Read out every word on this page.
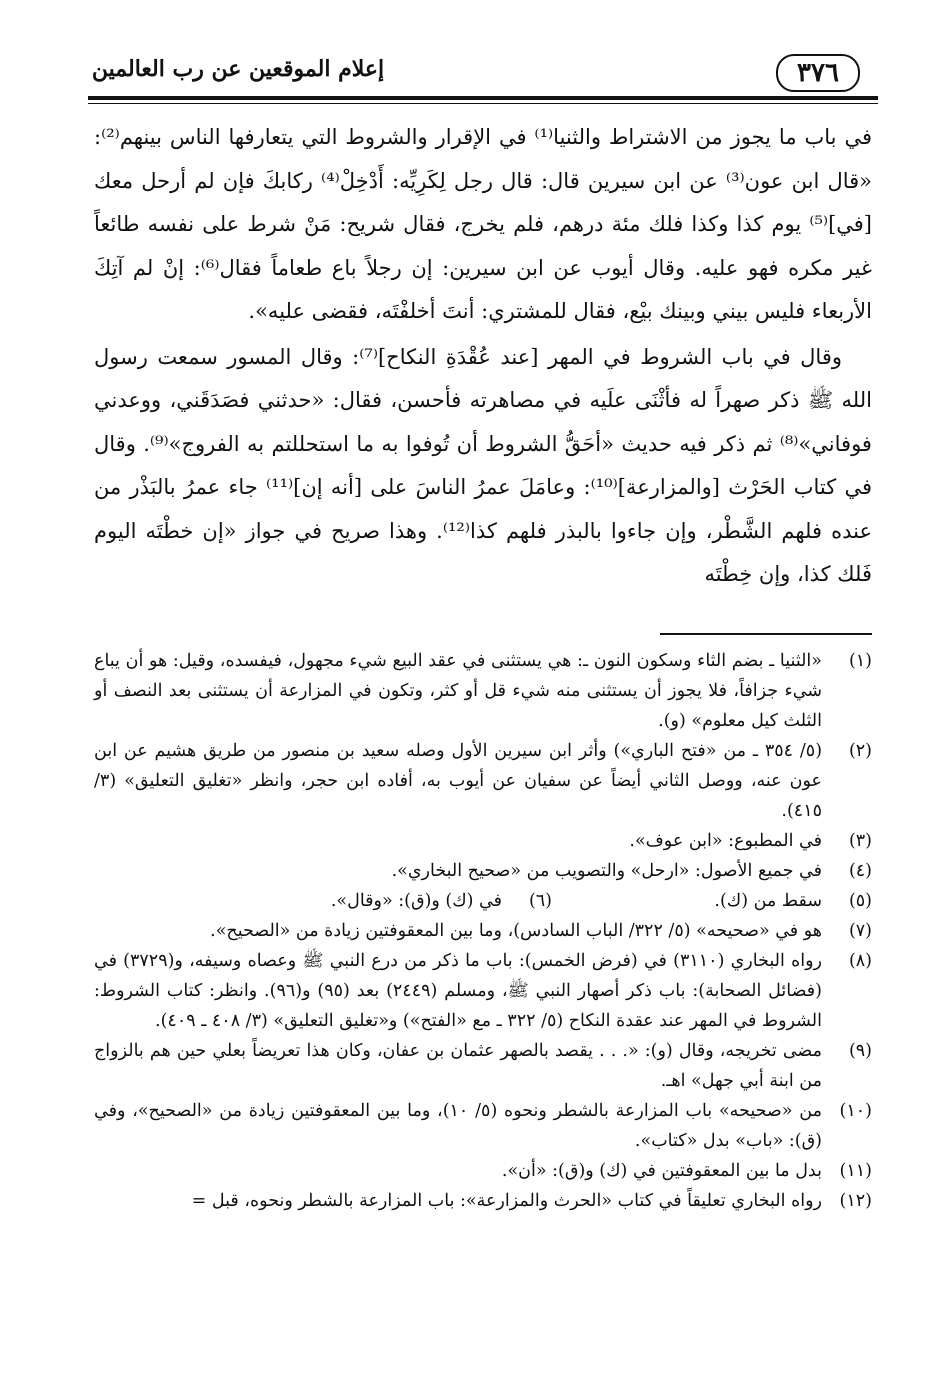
٣٧٦
إعلام الموقعين عن رب العالمين

في باب ما يجوز من الاشتراط والثنيا⁽¹⁾ في الإقرار والشروط التي يتعارفها الناس بينهم⁽²⁾: «قال ابن عون⁽³⁾ عن ابن سيرين قال: قال رجل لِكَرِيِّه: أَدْخِلْ⁽⁴⁾ ركابكَ فإن لم أرحل معك [في]⁽⁵⁾ يوم كذا وكذا فلك مئة درهم، فلم يخرج، فقال شريح: مَنْ شرط على نفسه طائعاً غير مكره فهو عليه. وقال أيوب عن ابن سيرين: إن رجلاً باع طعاماً فقال⁽⁶⁾: إنْ لم آتِكَ الأربعاء فليس بيني وبينك بيْع، فقال للمشتري: أنتَ أخلفْتَه، فقضى عليه».

وقال في باب الشروط في المهر [عند عُقْدَةِ النكاح]⁽⁷⁾: وقال المسور سمعت رسول الله ﷺ ذكر صهراً له فأثْنَى علَيه في مصاهرته فأحسن، فقال: «حدثني فصَدَقَني، ووعدني فوفاني»⁽⁸⁾ ثم ذكر فيه حديث «أحَقُّ الشروط أن تُوفوا به ما استحللتم به الفروج»⁽⁹⁾. وقال في كتاب الحَرْث [والمزارعة]⁽¹⁰⁾: وعامَلَ عمرُ الناسَ على [أنه إن]⁽¹¹⁾ جاء عمرُ بالبَذْر من عنده فلهم الشَّطْر، وإن جاءوا بالبذر فلهم كذا⁽¹²⁾. وهذا صريح في جواز «إن خطْتَه اليوم فَلك كذا، وإن خِطْتَه

(١)
«الثنيا ـ بضم الثاء وسكون النون ـ: هي يستثنى في عقد البيع شيء مجهول، فيفسده، وقيل: هو أن يباع شيء جزافاً، فلا يجوز أن يستثنى منه شيء قل أو كثر، وتكون في المزارعة أن يستثنى بعد النصف أو الثلث كيل معلوم» (و).
(٢)
(٥/ ٣٥٤ ـ من «فتح الباري») وأثر ابن سيرين الأول وصله سعيد بن منصور من طريق هشيم عن ابن عون عنه، ووصل الثاني أيضاً عن سفيان عن أيوب به، أفاده ابن حجر، وانظر «تغليق التعليق» (٣/ ٤١٥).
(٣)
في المطبوع: «ابن عوف».
(٤)
في جميع الأصول: «ارحل» والتصويب من «صحيح البخاري».
(٥)
سقط من (ك).
(٦)
في (ك) و(ق): «وقال».
(٧)
هو في «صحيحه» (٥/ ٣٢٢/ الباب السادس)، وما بين المعقوفتين زيادة من «الصحيح».
(٨)
رواه البخاري (٣١١٠) في (فرض الخمس): باب ما ذكر من درع النبي ﷺ وعصاه وسيفه، و(٣٧٢٩) في (فضائل الصحابة): باب ذكر أصهار النبي ﷺ، ومسلم (٢٤٤٩) بعد (٩٥) و(٩٦). وانظر: كتاب الشروط: الشروط في المهر عند عقدة النكاح (٥/ ٣٢٢ ـ مع «الفتح») و«تغليق التعليق» (٣/ ٤٠٨ ـ ٤٠٩).
(٩)
مضى تخريجه، وقال (و): «. . . يقصد بالصهر عثمان بن عفان، وكان هذا تعريضاً بعلي حين هم بالزواج من ابنة أبي جهل» اهـ.
(١٠)
من «صحيحه» باب المزارعة بالشطر ونحوه (٥/ ١٠)، وما بين المعقوفتين زيادة من «الصحيح»، وفي (ق): «باب» بدل «كتاب».
(١١)
بدل ما بين المعقوفتين في (ك) و(ق): «أن».
(١٢)
رواه البخاري تعليقاً في كتاب «الحرث والمزارعة»: باب المزارعة بالشطر ونحوه، قبل =
